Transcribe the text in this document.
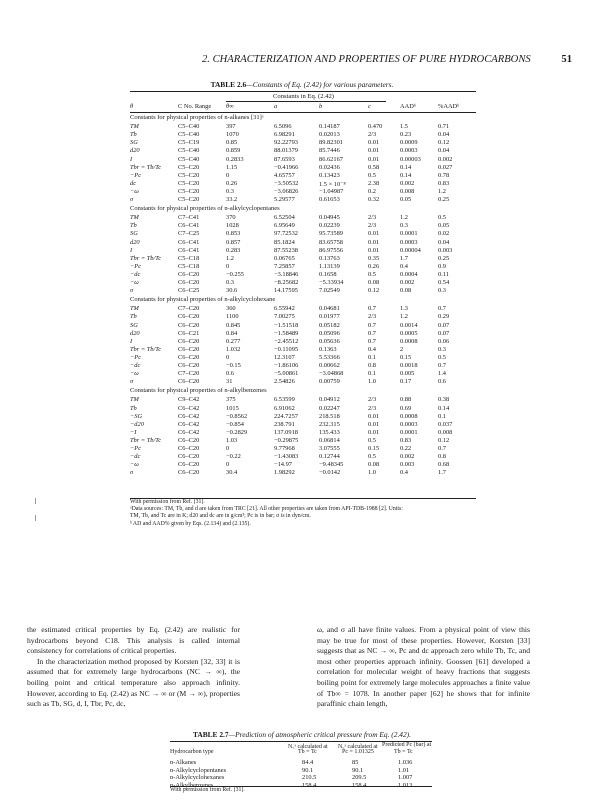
2. CHARACTERIZATION AND PROPERTIES OF PURE HYDROCARBONS	51
TABLE 2.6—Constants of Eq. (2.42) for various parameters.
Constants in Eq. (2.42)
θ	C No. Range θ∞	a	b	c	AADᵇ	%AADᵇ
Constants for physical properties of n-alkanes [31]ᵃ
TM	C5–C40	397	6.5096	0.14187	0.470	1.5	0.71
Tb	C5–C40	1070	6.98291	0.02013	2/3	0.23	0.04
SG	C5–C19	0.85	92.22793	89.82301	0.01	0.0009	0.12
d20	C5–C40	0.859	88.01379	85.7446	0.01	0.0003	0.04
I	C5–C40	0.2833	87.6593	86.62167	0.01	0.00003	0.002
Tbr = Tb/Tc	C5–C20	1.15	−0.41966	0.02436	0.58	0.14	0.027
−Pc	C5–C20	0	4.65757	0.13423	0.5	0.14	0.78
dc	C5–C20	0.26	−3.50532	1.5 × 10⁻⁸	2.38	0.002	0.83
−ω	C5–C20	0.3	−3.06826	−1.04987	0.2	0.008	1.2
σ	C5–C20	33.2	5.29577	0.61653	0.32	0.05	0.25
Constants for physical properties of n-alkylcyclopentanes
TM	C7–C41	370	6.52504	0.04945	2/3	1.2	0.5
Tb	C6–C41	1028	6.95649	0.02239	2/3	0.3	0.05
SG	C7–C25	0.853	97.72532	95.73589	0.01	0.0001	0.02
d20	C6–C41	0.857	85.1824	83.65758	0.01	0.0003	0.04
I	C6–C41	0.283	87.55238	86.97556	0.01	0.00004	0.003
Tbr = Tb/Tc	C5–C18	1.2	0.06765	0.13763	0.35	1.7	0.25
−Pc	C5–C18	0	7.25857	1.13139	0.26	0.4	0.9
−dc	C6–C20	−0.255	−3.18846	0.1658	0.5	0.0004	0.11
−ω	C6–C20	0.3	−8.25682	−5.33934	0.08	0.002	0.54
σ	C6–C25	30.6	14.17595	7.02549	0.12	0.08	0.3
Constants for physical properties of n-alkylcyclohexane
TM	C7–C20	360	6.55942	0.04681	0.7	1.3	0.7
Tb	C6–C20	1100	7.00275	0.01977	2/3	1.2	0.29
SG	C6–C20	0.845	−1.51518	0.05182	0.7	0.0014	0.07
d20	C6–C21	0.84	−1.58489	0.05096	0.7	0.0005	0.07
I	C6–C20	0.277	−2.45512	0.05636	0.7	0.0008	0.06
Tbr = Tb/Tc	C6–C20	1.032	−0.11095	0.1363	0.4	2	0.3
−Pc	C6–C20	0	12.3107	5.53366	0.1	0.15	0.5
−dc	C6–C20	−0.15	−1.86106	0.00662	0.8	0.0018	0.7
−ω	C7–C20	0.6	−5.00861	−3.04868	0.1	0.005	1.4
σ	C6–C20	31	2.54826	0.00759	1.0	0.17	0.6
Constants for physical properties of n-alkylbenzenes
TM	C9–C42	375	6.53599	0.04912	2/3	0.88	0.38
Tb	C6–C42	1015	6.91062	0.02247	2/3	0.69	0.14
−SG	C6–C42	−0.8562	224.7257	218.518	0.01	0.0008	0.1
−d20	C6–C42	−0.854	238.791	232.315	0.01	0.0003	0.037
−I	C6–C42	−0.2829	137.0918	135.433	0.01	0.0001	0.008
Tbr = Tb/Tc	C6–C20	1.03	−0.29875	0.06814	0.5	0.83	0.12
−Pc	C6–C20	0	9.77968	3.07555	0.15	0.22	0.7
−dc	C6–C20	−0.22	−1.43083	0.12744	0.5	0.002	0.8
−ω	C6–C20	0	−14.97	−9.48345	0.08	0.003	0.68
σ	C6–C20	30.4	1.98292	−0.0142	1.0	0.4	1.7
With permission from Ref. [31].
ᵃData sources: TM, Tb, and d are taken from TRC [21]. All other properties are taken from API-TDB-1988 [2]. Units:
TM, Tb, and Tc are in K; d20 and dc are in g/cm³; Pc is in bar; σ is in dyn/cm.
ᵇ AD and AAD% given by Eqs. (2.134) and (2.135).

the estimated critical properties by Eq. (2.42) are realistic for hydrocarbons beyond C18. This analysis is called internal consistency for correlations of critical properties.

In the characterization method proposed by Korsten [32, 33] it is assumed that for extremely large hydrocarbons (NC → ∞), the boiling point and critical temperature also approach infinity. However, according to Eq. (2.42) as NC → ∞ or (M → ∞), properties such as Tb, SG, d, I, Tbr, Pc, dc,

ω, and σ all have finite values. From a physical point of view this may be true for most of these properties. However, Korsten [33] suggests that as NC → ∞, Pc and dc approach zero while Tb, Tc, and most other properties approach infinity. Goossen [61] developed a correlation for molecular weight of heavy fractions that suggests boiling point for extremely large molecules approaches a finite value of Tb∞ = 1078. In another paper [62] he shows that for infinite paraffinic chain length,

TABLE 2.7—Prediction of atmospheric critical pressure from Eq. (2.42).
N꜀ᵃ calculated at N꜀ᵃ calculated at Predicted Pc (bar) at
Hydrocarbon type	Tb = Tc	Pc = 1.01325	Tb = Tc
n-Alkanes	84.4	85	1.036
n-Alkylcyclopentanes	90.1	90.1	1.01
n-Alkylcyclohexanes	210.5	209.5	1.007
n-Alkylbenzenes	158.4	158.4	1.013
With permission from Ref. [31].
